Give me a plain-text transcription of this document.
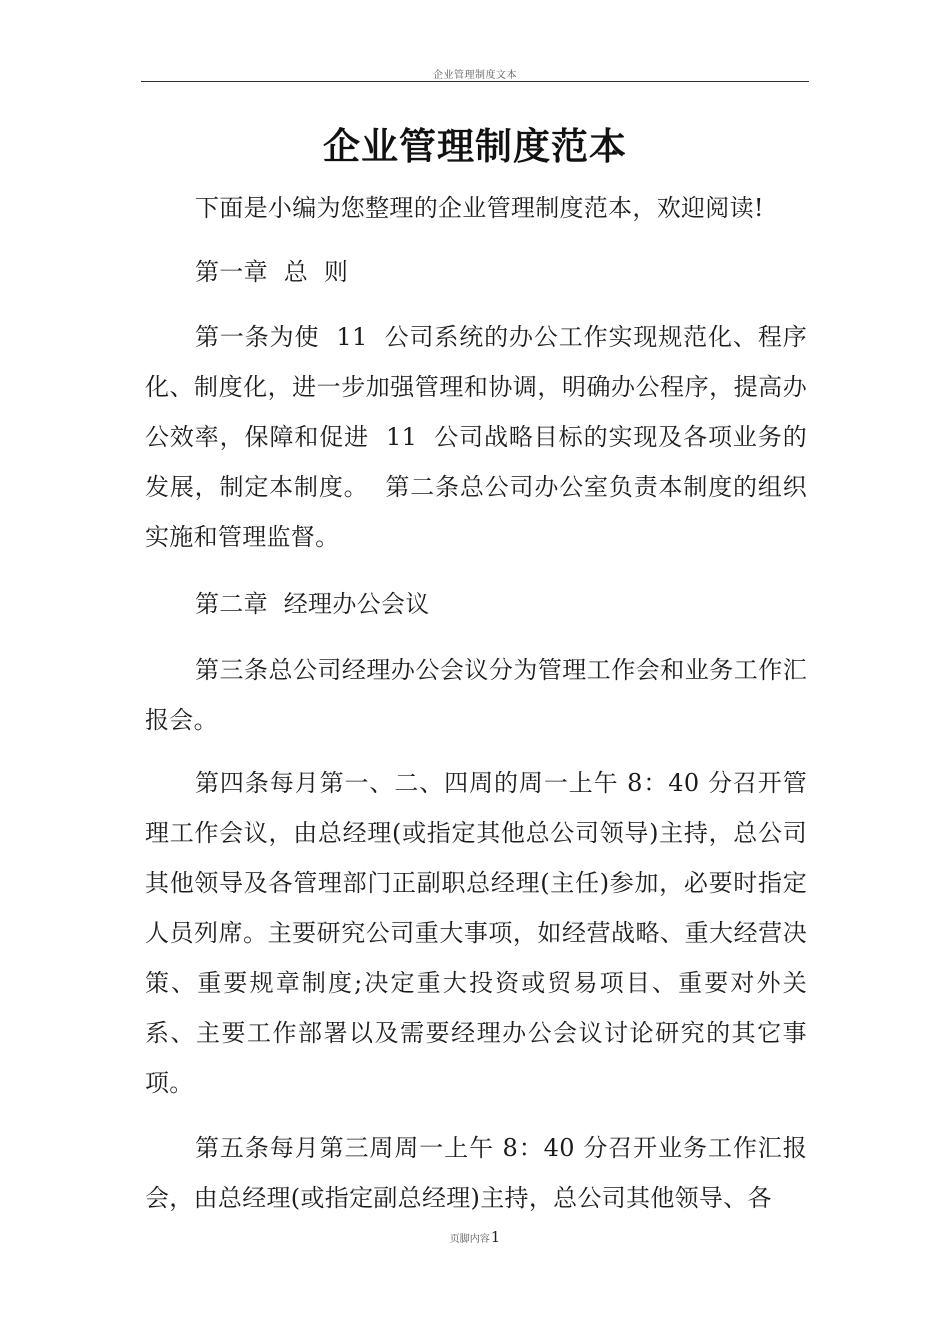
企业管理制度文本
企业管理制度范本

下面是小编为您整理的企业管理制度范本，欢迎阅读!

第一章  总  则

第一条为使  11  公司系统的办公工作实现规范化、程序化、制度化，进一步加强管理和协调，明确办公程序，提高办公效率，保障和促进  11  公司战略目标的实现及各项业务的发展，制定本制度。  第二条总公司办公室负责本制度的组织实施和管理监督。

第二章  经理办公会议

第三条总公司经理办公会议分为管理工作会和业务工作汇报会。

第四条每月第一、二、四周的周一上午 8：40 分召开管理工作会议，由总经理(或指定其他总公司领导)主持，总公司其他领导及各管理部门正副职总经理(主任)参加，必要时指定人员列席。主要研究公司重大事项，如经营战略、重大经营决策、重要规章制度;决定重大投资或贸易项目、重要对外关系、主要工作部署以及需要经理办公会议讨论研究的其它事项。

第五条每月第三周周一上午 8：40 分召开业务工作汇报会，由总经理(或指定副总经理)主持，总公司其他领导、各

页脚内容1
